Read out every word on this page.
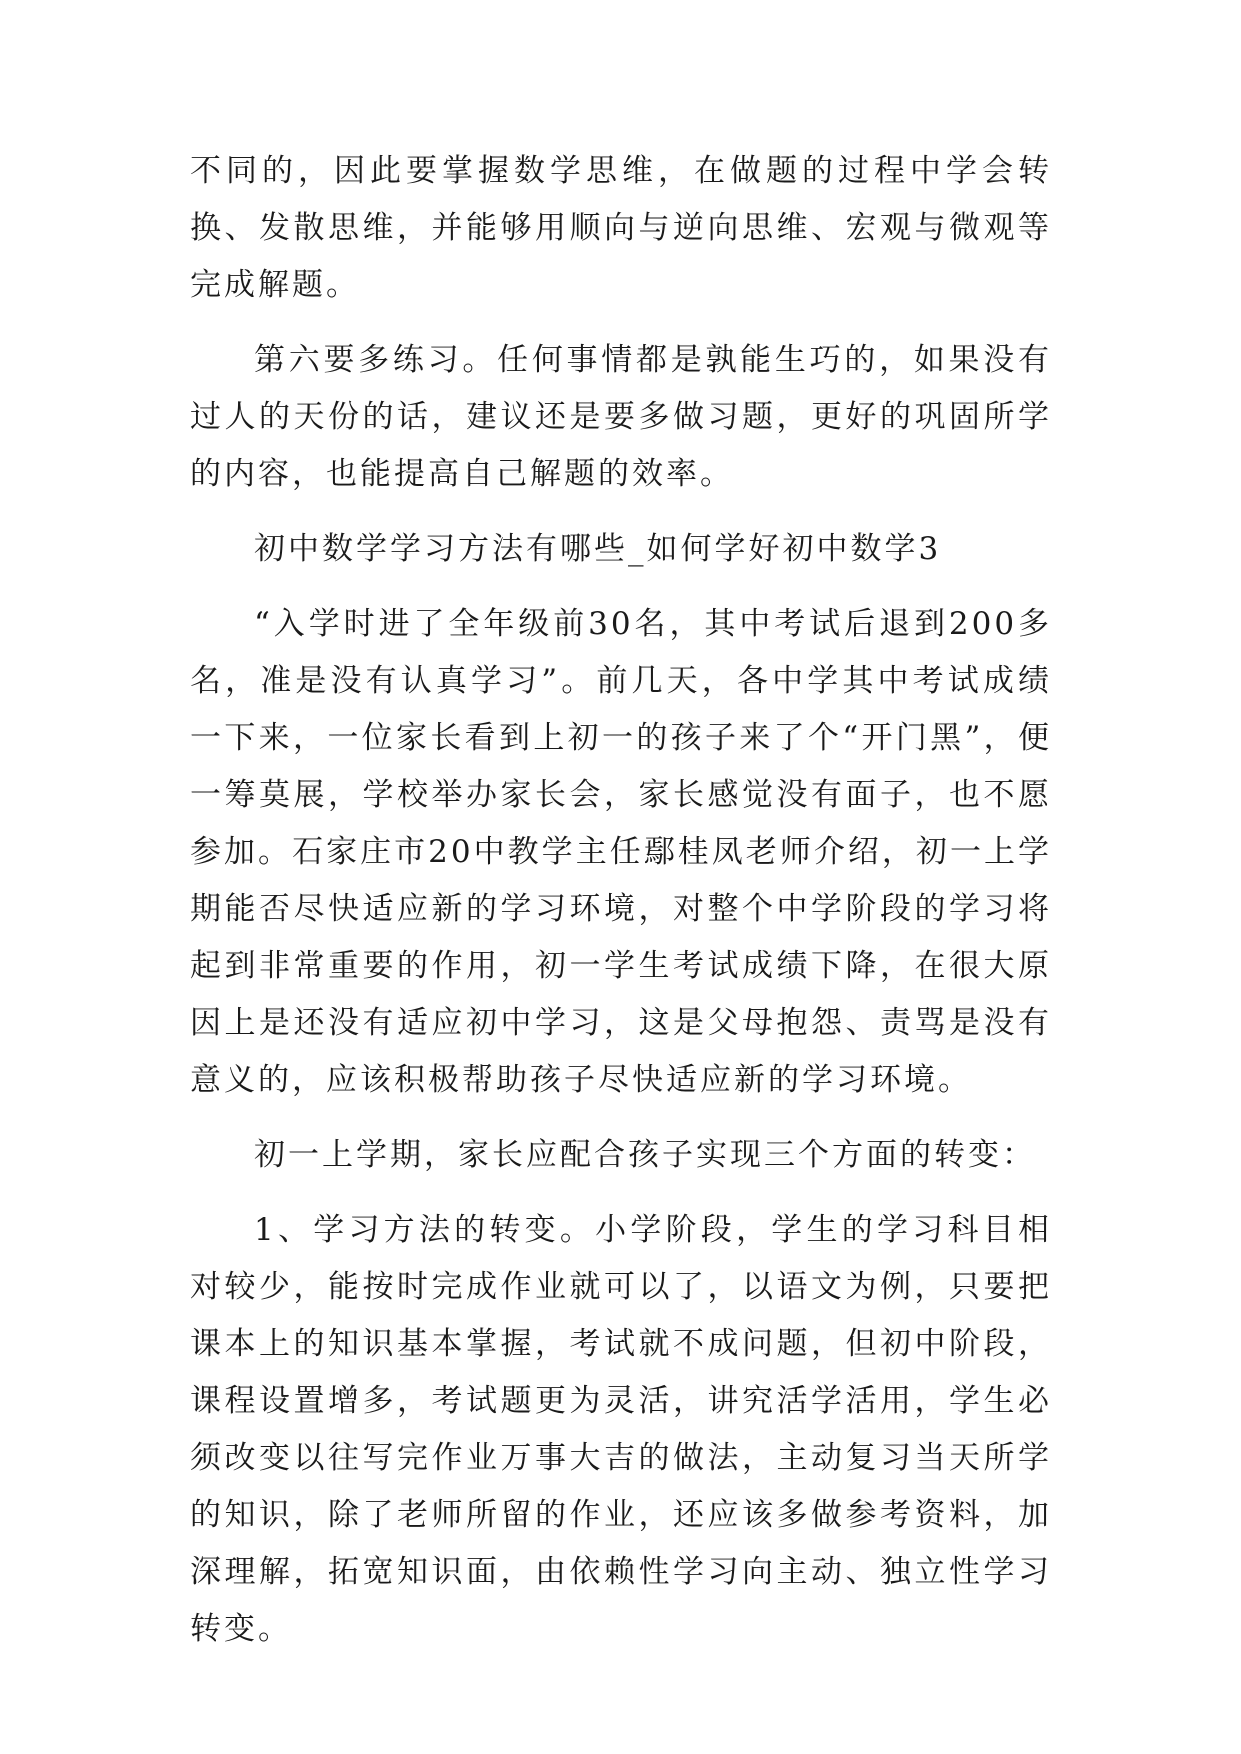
不同的，因此要掌握数学思维，在做题的过程中学会转换、发散思维，并能够用顺向与逆向思维、宏观与微观等完成解题。

第六要多练习。任何事情都是孰能生巧的，如果没有过人的天份的话，建议还是要多做习题，更好的巩固所学的内容，也能提高自己解题的效率。

初中数学学习方法有哪些_如何学好初中数学3

“入学时进了全年级前30名，其中考试后退到200多名，准是没有认真学习”。前几天，各中学其中考试成绩一下来，一位家长看到上初一的孩子来了个“开门黑”，便一筹莫展，学校举办家长会，家长感觉没有面子，也不愿参加。石家庄市20中教学主任鄢桂凤老师介绍，初一上学期能否尽快适应新的学习环境，对整个中学阶段的学习将起到非常重要的作用，初一学生考试成绩下降，在很大原因上是还没有适应初中学习，这是父母抱怨、责骂是没有意义的，应该积极帮助孩子尽快适应新的学习环境。

初一上学期，家长应配合孩子实现三个方面的转变：

1、学习方法的转变。小学阶段，学生的学习科目相对较少，能按时完成作业就可以了，以语文为例，只要把课本上的知识基本掌握，考试就不成问题，但初中阶段，课程设置增多，考试题更为灵活，讲究活学活用，学生必须改变以往写完作业万事大吉的做法，主动复习当天所学的知识，除了老师所留的作业，还应该多做参考资料，加深理解，拓宽知识面，由依赖性学习向主动、独立性学习转变。
